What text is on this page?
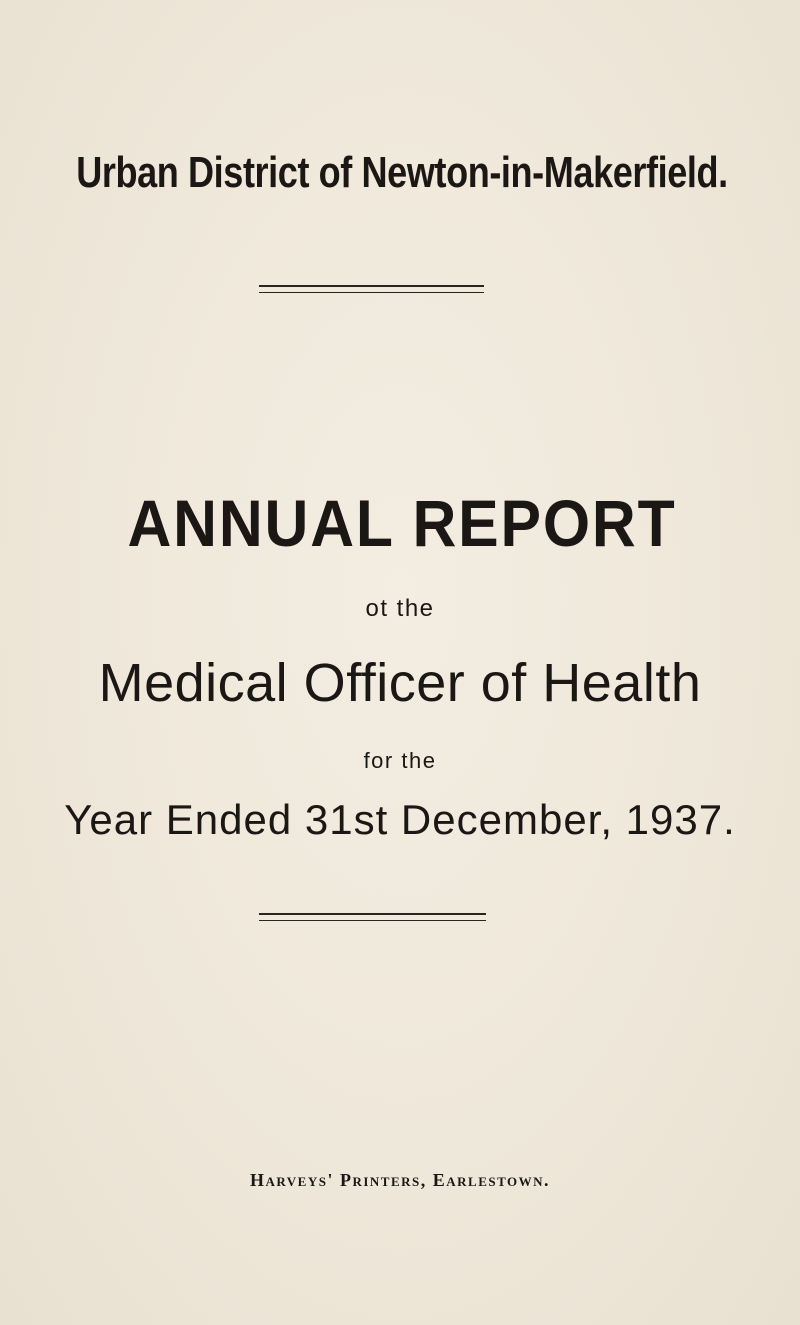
Urban District of Newton-in-Makerfield.
ANNUAL REPORT
ot the
Medical Officer of Health
for the
Year Ended 31st December, 1937.
Harveys' Printers, Earlestown.
